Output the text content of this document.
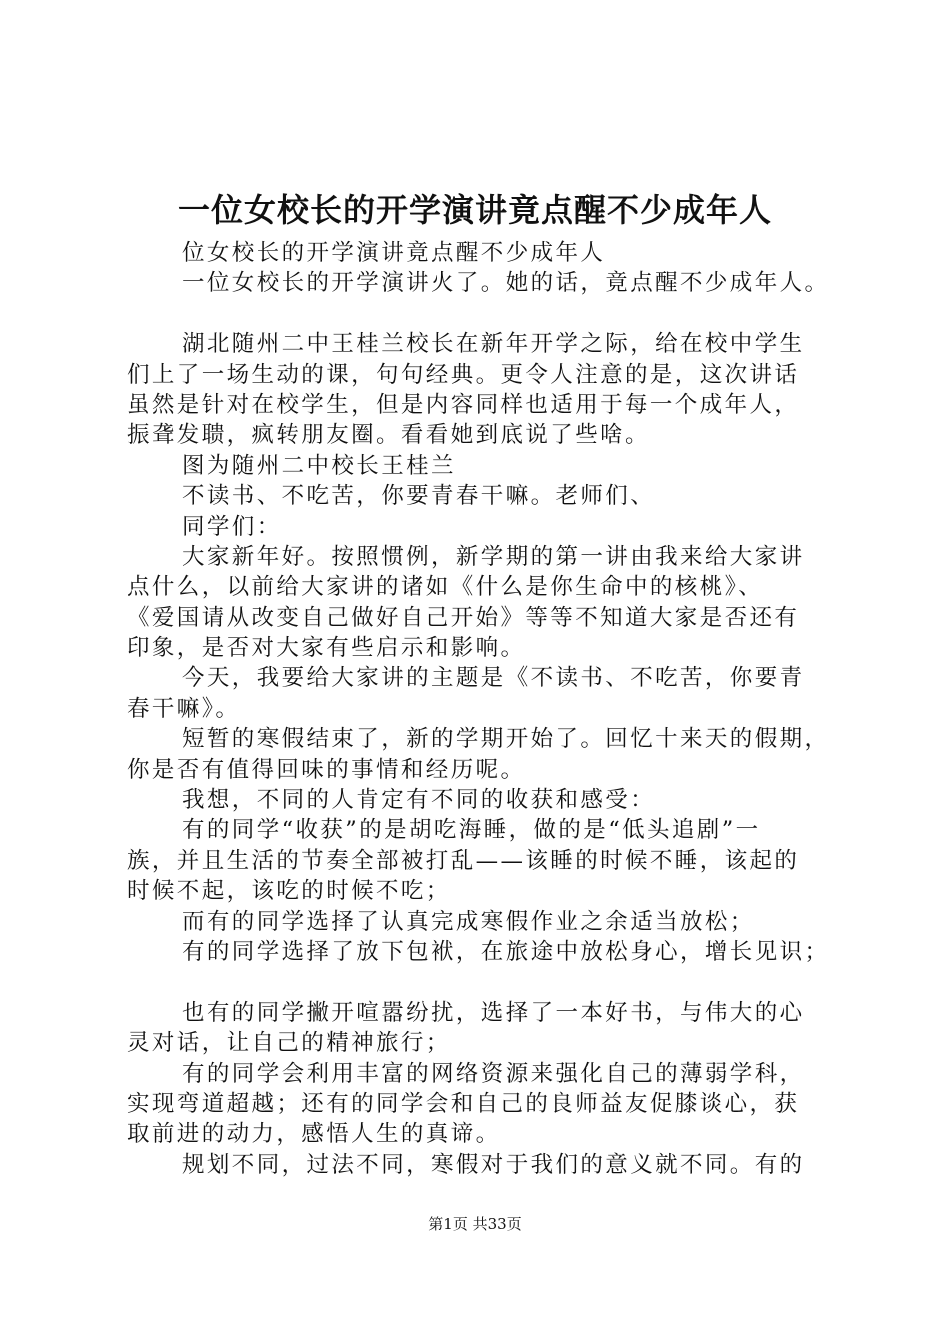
一位女校长的开学演讲竟点醒不少成年人
位女校长的开学演讲竟点醒不少成年人
一位女校长的开学演讲火了。她的话，竟点醒不少成年人。
湖北随州二中王桂兰校长在新年开学之际，给在校中学生
们上了一场生动的课，句句经典。更令人注意的是，这次讲话
虽然是针对在校学生，但是内容同样也适用于每一个成年人，
振聋发聩，疯转朋友圈。看看她到底说了些啥。
图为随州二中校长王桂兰
不读书、不吃苦，你要青春干嘛。老师们、
同学们：
大家新年好。按照惯例，新学期的第一讲由我来给大家讲
点什么，以前给大家讲的诸如《什么是你生命中的核桃》、
《爱国请从改变自己做好自己开始》等等不知道大家是否还有
印象，是否对大家有些启示和影响。
今天，我要给大家讲的主题是《不读书、不吃苦，你要青
春干嘛》。
短暂的寒假结束了，新的学期开始了。回忆十来天的假期，
你是否有值得回味的事情和经历呢。
我想，不同的人肯定有不同的收获和感受：
有的同学“收获”的是胡吃海睡，做的是“低头追剧”一
族，并且生活的节奏全部被打乱——该睡的时候不睡，该起的
时候不起，该吃的时候不吃；
而有的同学选择了认真完成寒假作业之余适当放松；
有的同学选择了放下包袱，在旅途中放松身心，增长见识；
也有的同学撇开喧嚣纷扰，选择了一本好书，与伟大的心
灵对话，让自己的精神旅行；
有的同学会利用丰富的网络资源来强化自己的薄弱学科，
实现弯道超越；还有的同学会和自己的良师益友促膝谈心，获
取前进的动力，感悟人生的真谛。
规划不同，过法不同，寒假对于我们的意义就不同。有的
第1页 共33页
